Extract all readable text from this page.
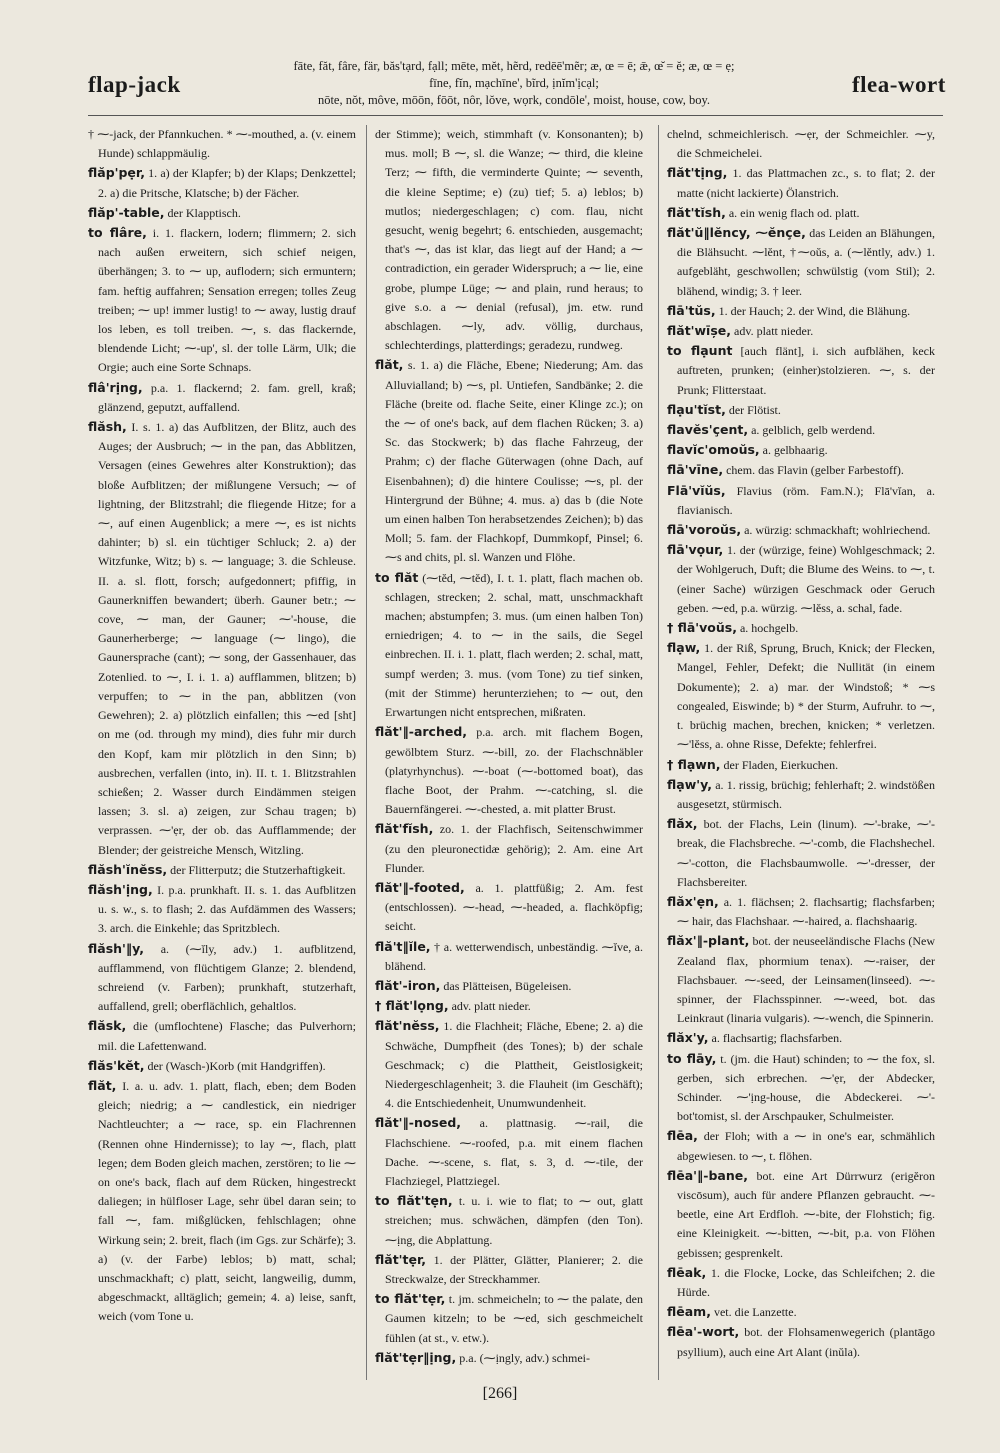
flap-jack
fāte, făt, fâre, fär, băs'tạrd, fạll; mēte, mĕt, hẽrd, redēē'mẽr; æ, œ = ē; ǣ, œ̆ = ĕ; æ, œ = ẹ;
fīne, fĭn, mạchīne', bĩrd, ịnĭm'ịcạl;
nōte, nŏt, môve, mōōn, fōōt, nôr, lŏve, wọrk, condōle', moist, house, cow, boy.
flea-wort

† ⁓-jack, der Pfannkuchen. * ⁓-mouthed, a. (v. einem Hunde) schlappmäulig.

flăp'pẹr, 1. a) der Klapfer; b) der Klaps; Denkzettel; 2. a) die Pritsche, Klatsche; b) der Fächer.

flăp'-table, der Klapptisch.

to flâre, i. 1. flackern, lodern; flimmern; 2. sich nach außen erweitern, sich schief neigen, überhängen; 3. to ⁓ up, auflodern; sich ermuntern; fam. heftig auffahren; Sensation erregen; tolles Zeug treiben; ⁓ up! immer lustig! to ⁓ away, lustig drauf los leben, es toll treiben. ⁓, s. das flackernde, blendende Licht; ⁓-up', sl. der tolle Lärm, Ulk; die Orgie; auch eine Sorte Schnaps.

flâ'rịng, p.a. 1. flackernd; 2. fam. grell, kraß; glänzend, geputzt, auffallend.

flăsh, I. s. 1. a) das Aufblitzen, der Blitz, auch des Auges; der Ausbruch; ⁓ in the pan, das Abblitzen, Versagen (eines Gewehres alter Konstruktion); das bloße Aufblitzen; der mißlungene Versuch; ⁓ of lightning, der Blitzstrahl; die fliegende Hitze; for a ⁓, auf einen Augenblick; a mere ⁓, es ist nichts dahinter; b) sl. ein tüchtiger Schluck; 2. a) der Witzfunke, Witz; b) s. ⁓ language; 3. die Schleuse. II. a. sl. flott, forsch; aufgedonnert; pfiffig, in Gaunerkniffen bewandert; überh. Gauner betr.; ⁓ cove, ⁓ man, der Gauner; ⁓'-house, die Gaunerherberge; ⁓ language (⁓ lingo), die Gaunersprache (cant); ⁓ song, der Gassenhauer, das Zotenlied. to ⁓, I. i. 1. a) aufflammen, blitzen; b) verpuffen; to ⁓ in the pan, abblitzen (von Gewehren); 2. a) plötzlich einfallen; this ⁓ed [sht] on me (od. through my mind), dies fuhr mir durch den Kopf, kam mir plötzlich in den Sinn; b) ausbrechen, verfallen (into, in). II. t. 1. Blitzstrahlen schießen; 2. Wasser durch Eindämmen steigen lassen; 3. sl. a) zeigen, zur Schau tragen; b) verprassen. ⁓'ẹr, der ob. das Aufflammende; der Blender; der geistreiche Mensch, Witzling.

flăsh'ĭnĕss, der Flitterputz; die Stutzerhaftigkeit.

flăsh'ịng, I. p.a. prunkhaft. II. s. 1. das Aufblitzen u. s. w., s. to flash; 2. das Aufdämmen des Wassers; 3. arch. die Einkehle; das Spritzblech.

flăsh'‖y, a. (⁓ĭly, adv.) 1. aufblitzend, aufflammend, von flüchtigem Glanze; 2. blendend, schreiend (v. Farben); prunkhaft, stutzerhaft, auffallend, grell; oberflächlich, gehaltlos.

flăsk, die (umflochtene) Flasche; das Pulverhorn; mil. die Lafettenwand.

flăs'kĕt, der (Wasch-)Korb (mit Handgriffen).

flăt, I. a. u. adv. 1. platt, flach, eben; dem Boden gleich; niedrig; a ⁓ candlestick, ein niedriger Nachtleuchter; a ⁓ race, sp. ein Flachrennen (Rennen ohne Hindernisse); to lay ⁓, flach, platt legen; dem Boden gleich machen, zerstören; to lie ⁓ on one's back, flach auf dem Rücken, hingestreckt daliegen; in hülfloser Lage, sehr übel daran sein; to fall ⁓, fam. mißglücken, fehlschlagen; ohne Wirkung sein; 2. breit, flach (im Ggs. zur Schärfe); 3. a) (v. der Farbe) leblos; b) matt, schal; unschmackhaft; c) platt, seicht, langweilig, dumm, abgeschmackt, alltäglich; gemein; 4. a) leise, sanft, weich (vom Tone u.

der Stimme); weich, stimmhaft (v. Konsonanten); b) mus. moll; B ⁓, sl. die Wanze; ⁓ third, die kleine Terz; ⁓ fifth, die verminderte Quinte; ⁓ seventh, die kleine Septime; e) (zu) tief; 5. a) leblos; b) mutlos; niedergeschlagen; c) com. flau, nicht gesucht, wenig begehrt; 6. entschieden, ausgemacht; that's ⁓, das ist klar, das liegt auf der Hand; a ⁓ contradiction, ein gerader Widerspruch; a ⁓ lie, eine grobe, plumpe Lüge; ⁓ and plain, rund heraus; to give s.o. a ⁓ denial (refusal), jm. etw. rund abschlagen. ⁓ly, adv. völlig, durchaus, schlechterdings, platterdings; geradezu, rundweg.

flăt, s. 1. a) die Fläche, Ebene; Niederung; Am. das Alluvialland; b) ⁓s, pl. Untiefen, Sandbänke; 2. die Fläche (breite od. flache Seite, einer Klinge zc.); on the ⁓ of one's back, auf dem flachen Rücken; 3. a) Sc. das Stockwerk; b) das flache Fahrzeug, der Prahm; c) der flache Güterwagen (ohne Dach, auf Eisenbahnen); d) die hintere Coulisse; ⁓s, pl. der Hintergrund der Bühne; 4. mus. a) das b (die Note um einen halben Ton herabsetzendes Zeichen); b) das Moll; 5. fam. der Flachkopf, Dummkopf, Pinsel; 6. ⁓s and chits, pl. sl. Wanzen und Flöhe.

to flăt (⁓tĕd, ⁓tĕd), I. t. 1. platt, flach machen ob. schlagen, strecken; 2. schal, matt, unschmackhaft machen; abstumpfen; 3. mus. (um einen halben Ton) erniedrigen; 4. to ⁓ in the sails, die Segel einbrechen. II. i. 1. platt, flach werden; 2. schal, matt, sumpf werden; 3. mus. (vom Tone) zu tief sinken, (mit der Stimme) herunterziehen; to ⁓ out, den Erwartungen nicht entsprechen, mißraten.

flăt'‖-arched, p.a. arch. mit flachem Bogen, gewölbtem Sturz. ⁓-bill, zo. der Flachschnäbler (platyrhynchus). ⁓-boat (⁓-bottomed boat), das flache Boot, der Prahm. ⁓-catching, sl. die Bauernfängerei. ⁓-chested, a. mit platter Brust.

flăt'fĭsh, zo. 1. der Flachfisch, Seitenschwimmer (zu den pleuronectidæ gehörig); 2. Am. eine Art Flunder.

flăt'‖-footed, a. 1. plattfüßig; 2. Am. fest (entschlossen). ⁓-head, ⁓-headed, a. flachköpfig; seicht.

flă't‖ĭle, † a. wetterwendisch, unbeständig. ⁓ĭve, a. blähend.

flăt'-iron, das Plätteisen, Bügeleisen.

† flăt'lọng, adv. platt nieder.

flăt'nĕss, 1. die Flachheit; Fläche, Ebene; 2. a) die Schwäche, Dumpfheit (des Tones); b) der schale Geschmack; c) die Plattheit, Geistlosigkeit; Niedergeschlagenheit; 3. die Flauheit (im Geschäft); 4. die Entschiedenheit, Unumwundenheit.

flăt'‖-nosed, a. plattnasig. ⁓-rail, die Flachschiene. ⁓-roofed, p.a. mit einem flachen Dache. ⁓-scene, s. flat, s. 3, d. ⁓-tile, der Flachziegel, Plattziegel.

to flăt'tẹn, t. u. i. wie to flat; to ⁓ out, glatt streichen; mus. schwächen, dämpfen (den Ton). ⁓ịng, die Abplattung.

flăt'tẹr, 1. der Plätter, Glätter, Planierer; 2. die Streckwalze, der Streckhammer.

to flăt'tẹr, t. jm. schmeicheln; to ⁓ the palate, den Gaumen kitzeln; to be ⁓ed, sich geschmeichelt fühlen (at st., v. etw.).

flăt'tẹr‖ịng, p.a. (⁓ịngly, adv.) schmei-

chelnd, schmeichlerisch. ⁓ẹr, der Schmeichler. ⁓y, die Schmeichelei.

flăt'tịng, 1. das Plattmachen zc., s. to flat; 2. der matte (nicht lackierte) Ölanstrich.

flăt'tĭsh, a. ein wenig flach od. platt.

flăt'ŭ‖lĕncy, ⁓ĕnçe, das Leiden an Blähungen, die Blähsucht. ⁓lĕnt, †⁓oŭs, a. (⁓lĕntly, adv.) 1. aufgebläht, geschwollen; schwülstig (vom Stil); 2. blähend, windig; 3. † leer.

flā'tŭs, 1. der Hauch; 2. der Wind, die Blähung.

flăt'wīșe, adv. platt nieder.

to flạunt [auch flänt], i. sich aufblähen, keck auftreten, prunken; (einher)stolzieren. ⁓, s. der Prunk; Flitterstaat.

flạu'tĭst, der Flötist.

flavĕs'çent, a. gelblich, gelb werdend.

flavĭc'omoŭs, a. gelbhaarig.

flā'vīne, chem. das Flavin (gelber Farbestoff).

Flā'vĭŭs, Flavius (röm. Fam.N.); Flā'vĭan, a. flavianisch.

flā'voroŭs, a. würzig: schmackhaft; wohlriechend.

flā'vọur, 1. der (würzige, feine) Wohlgeschmack; 2. der Wohlgeruch, Duft; die Blume des Weins. to ⁓, t. (einer Sache) würzigen Geschmack oder Geruch geben. ⁓ed, p.a. würzig. ⁓lĕss, a. schal, fade.

† flā'voŭs, a. hochgelb.

flạw, 1. der Riß, Sprung, Bruch, Knick; der Flecken, Mangel, Fehler, Defekt; die Nullität (in einem Dokumente); 2. a) mar. der Windstoß; * ⁓s congealed, Eiswinde; b) * der Sturm, Aufruhr. to ⁓, t. brüchig machen, brechen, knicken; * verletzen. ⁓'lĕss, a. ohne Risse, Defekte; fehlerfrei.

† flạwn, der Fladen, Eierkuchen.

flạw'y, a. 1. rissig, brüchig; fehlerhaft; 2. windstößen ausgesetzt, stürmisch.

flăx, bot. der Flachs, Lein (linum). ⁓'-brake, ⁓'-break, die Flachsbreche. ⁓'-comb, die Flachshechel. ⁓'-cotton, die Flachsbaumwolle. ⁓'-dresser, der Flachsbereiter.

flăx'ẹn, a. 1. flächsen; 2. flachsartig; flachsfarben; ⁓ hair, das Flachshaar. ⁓-haired, a. flachshaarig.

flăx'‖-plant, bot. der neuseeländische Flachs (New Zealand flax, phormium tenax). ⁓-raiser, der Flachsbauer. ⁓-seed, der Leinsamen(linseed). ⁓-spinner, der Flachsspinner. ⁓-weed, bot. das Leinkraut (linaria vulgaris). ⁓-wench, die Spinnerin.

flăx'y, a. flachsartig; flachsfarben.

to flāy, t. (jm. die Haut) schinden; to ⁓ the fox, sl. gerben, sich erbrechen. ⁓'ẹr, der Abdecker, Schinder. ⁓'ịng-house, die Abdeckerei. ⁓'-bot'tomist, sl. der Arschpauker, Schulmeister.

flēa, der Floh; with a ⁓ in one's ear, schmählich abgewiesen. to ⁓, t. flöhen.

flēa'‖-bane, bot. eine Art Dürrwurz (erigĕron viscōsum), auch für andere Pflanzen gebraucht. ⁓-beetle, eine Art Erdfloh. ⁓-bite, der Flohstich; fig. eine Kleinigkeit. ⁓-bitten, ⁓-bit, p.a. von Flöhen gebissen; gesprenkelt.

flēak, 1. die Flocke, Locke, das Schleifchen; 2. die Hürde.

flēam, vet. die Lanzette.

flēa'-wort, bot. der Flohsamenwegerich (plantāgo psyllium), auch eine Art Alant (inŭla).

[266]
